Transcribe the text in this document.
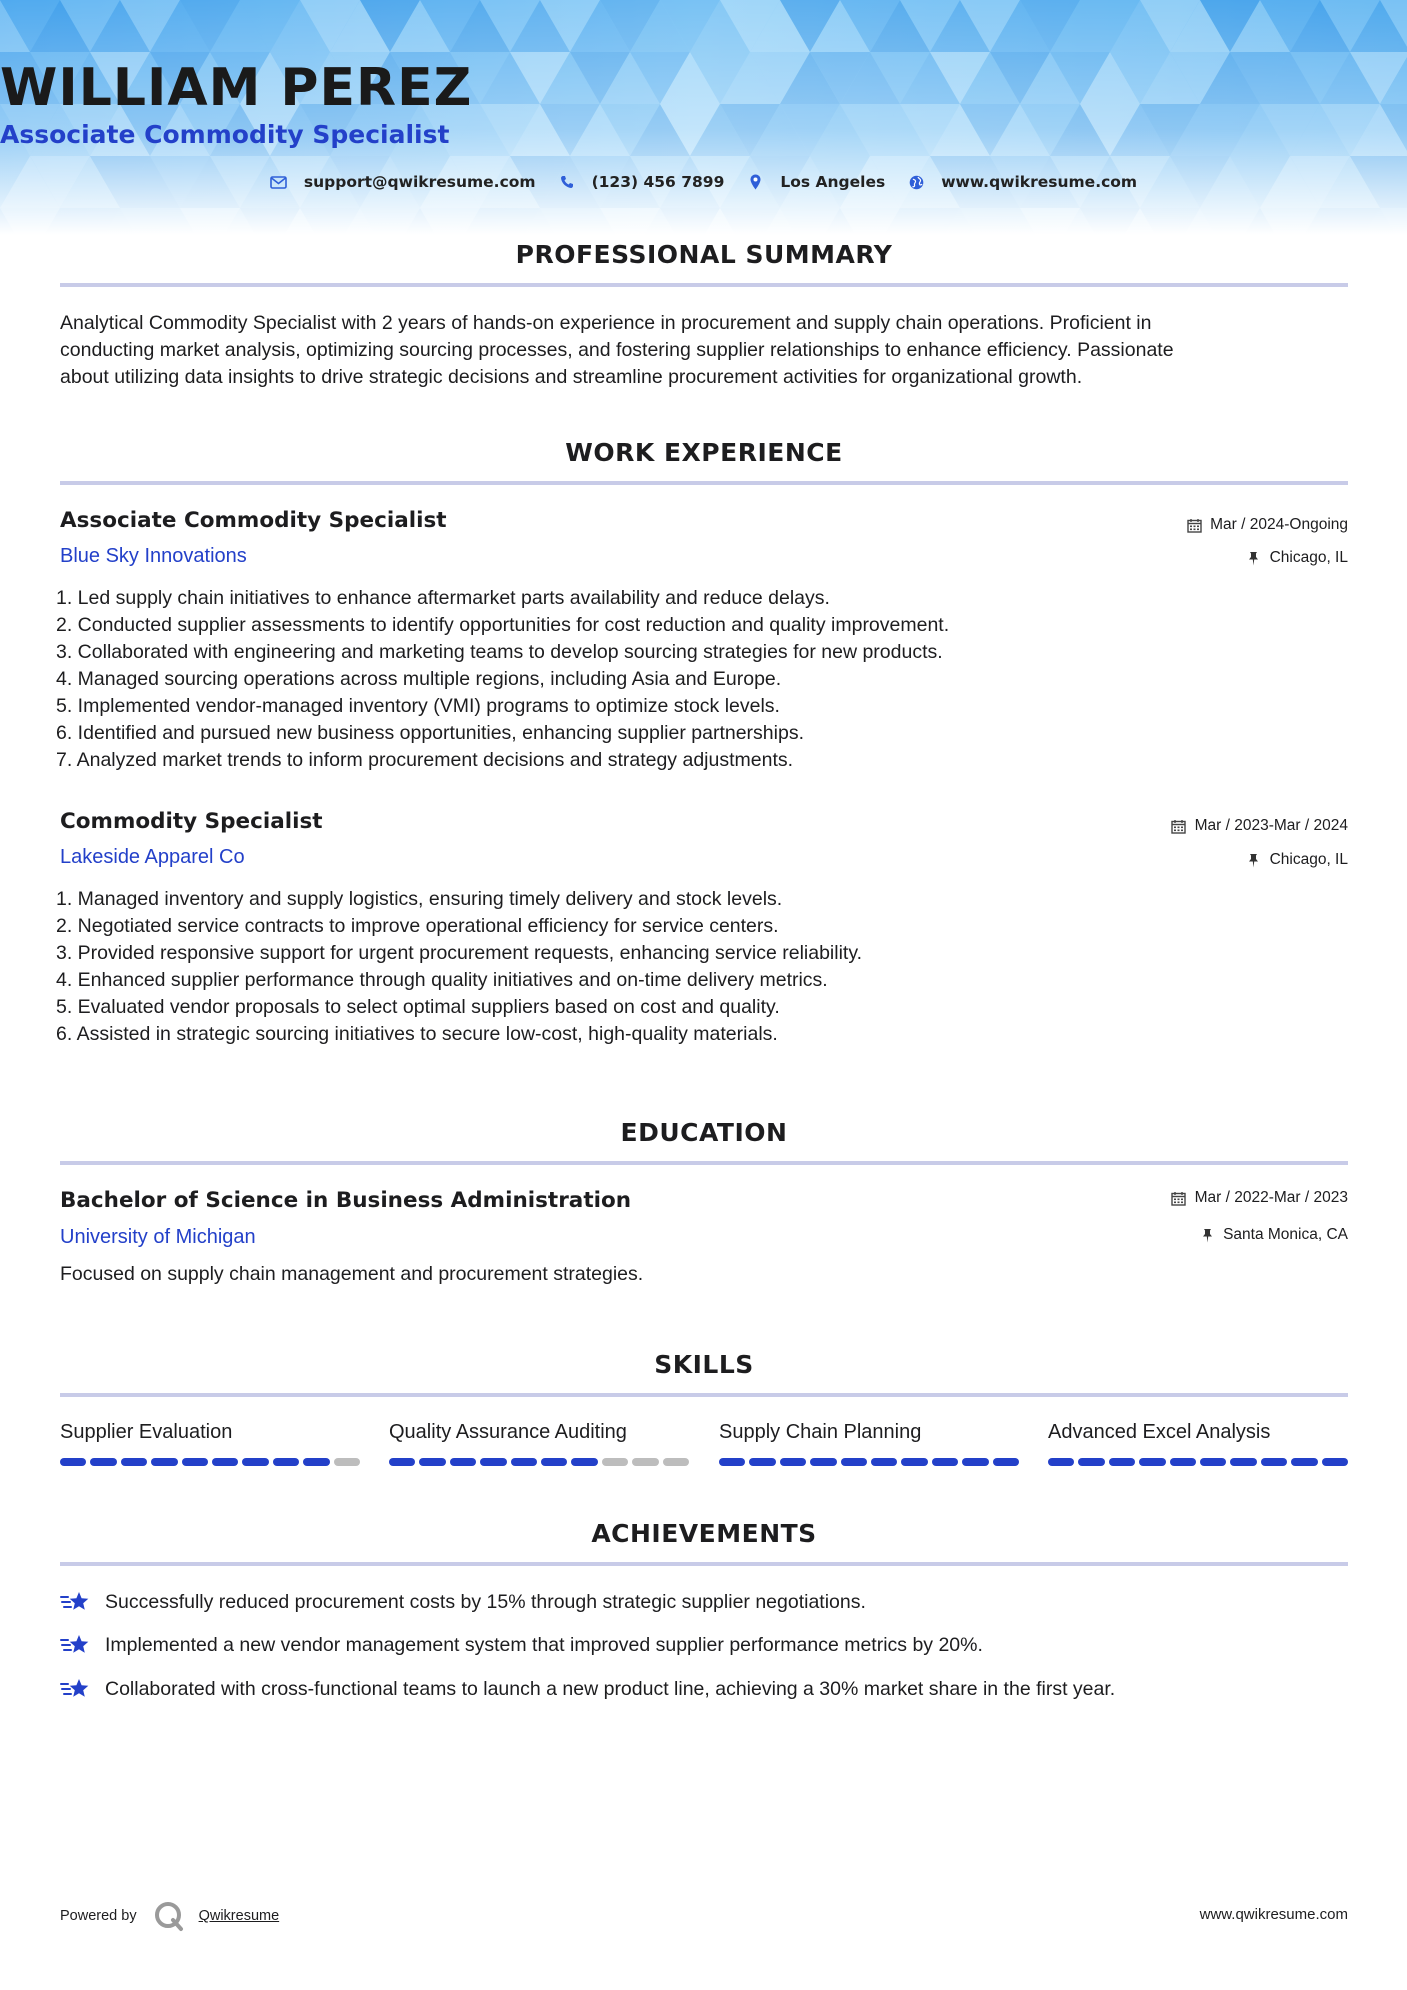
WILLIAM PEREZ
Associate Commodity Specialist
support@qwikresume.com	(123) 456 7899	Los Angeles	www.qwikresume.com
PROFESSIONAL SUMMARY
Analytical Commodity Specialist with 2 years of hands-on experience in procurement and supply chain operations. Proficient in
conducting market analysis, optimizing sourcing processes, and fostering supplier relationships to enhance efficiency. Passionate
about utilizing data insights to drive strategic decisions and streamline procurement activities for organizational growth.
WORK EXPERIENCE
Associate Commodity Specialist
Blue Sky Innovations
Mar / 2024-Ongoing
Chicago, IL
1. Led supply chain initiatives to enhance aftermarket parts availability and reduce delays.
2. Conducted supplier assessments to identify opportunities for cost reduction and quality improvement.
3. Collaborated with engineering and marketing teams to develop sourcing strategies for new products.
4. Managed sourcing operations across multiple regions, including Asia and Europe.
5. Implemented vendor-managed inventory (VMI) programs to optimize stock levels.
6. Identified and pursued new business opportunities, enhancing supplier partnerships.
7. Analyzed market trends to inform procurement decisions and strategy adjustments.
Commodity Specialist
Lakeside Apparel Co
Mar / 2023-Mar / 2024
Chicago, IL
1. Managed inventory and supply logistics, ensuring timely delivery and stock levels.
2. Negotiated service contracts to improve operational efficiency for service centers.
3. Provided responsive support for urgent procurement requests, enhancing service reliability.
4. Enhanced supplier performance through quality initiatives and on-time delivery metrics.
5. Evaluated vendor proposals to select optimal suppliers based on cost and quality.
6. Assisted in strategic sourcing initiatives to secure low-cost, high-quality materials.
EDUCATION
Bachelor of Science in Business Administration
University of Michigan
Mar / 2022-Mar / 2023
Santa Monica, CA
Focused on supply chain management and procurement strategies.
SKILLS
Supplier Evaluation	Quality Assurance Auditing	Supply Chain Planning	Advanced Excel Analysis
ACHIEVEMENTS
Successfully reduced procurement costs by 15% through strategic supplier negotiations.
Implemented a new vendor management system that improved supplier performance metrics by 20%.
Collaborated with cross-functional teams to launch a new product line, achieving a 30% market share in the first year.
Powered by	Qwikresume	www.qwikresume.com
